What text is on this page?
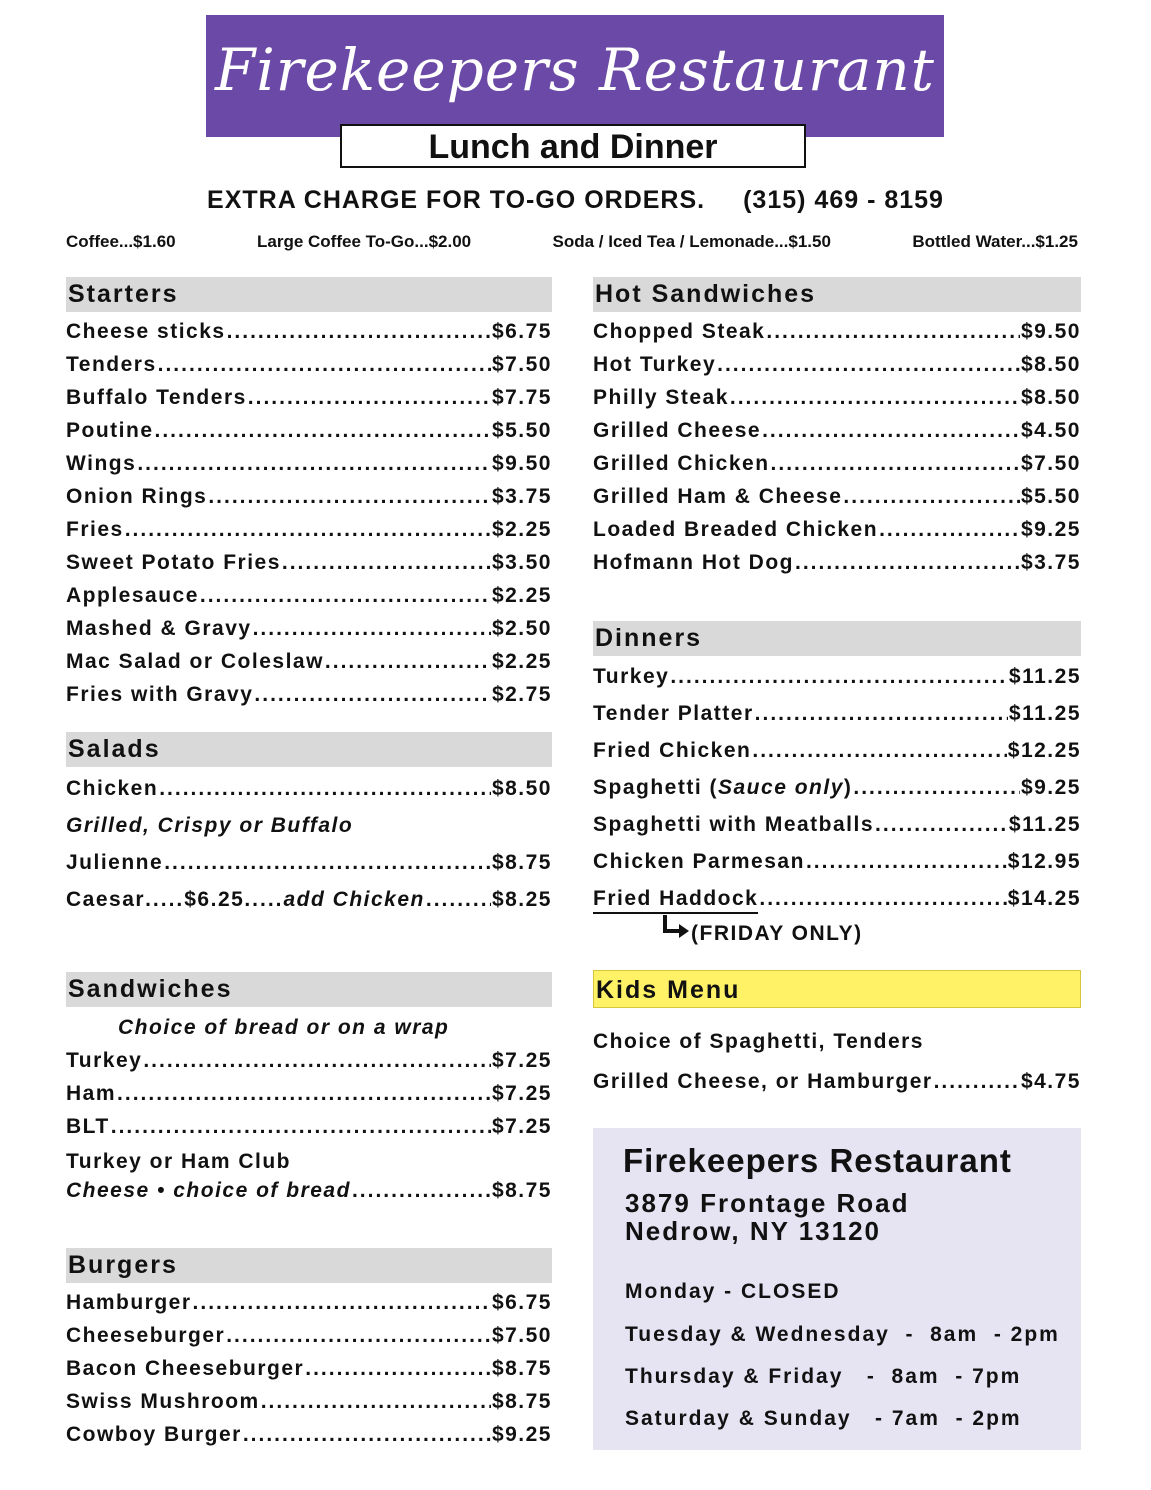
Firekeepers Restaurant
Lunch and Dinner
EXTRA CHARGE FOR TO-GO ORDERS. (315) 469 - 8159
Coffee...$1.60	Large Coffee To-Go...$2.00	Soda / Iced Tea / Lemonade...$1.50	Bottled Water...$1.25
Starters
Cheese sticks .....	$6.75
Tenders .....	$7.50
Buffalo Tenders .....	$7.75
Poutine .....	$5.50
Wings .....	$9.50
Onion Rings .....	$3.75
Fries .....	$2.25
Sweet Potato Fries .....	$3.50
Applesauce .....	$2.25
Mashed & Gravy .....	$2.50
Mac Salad or Coleslaw .....	$2.25
Fries with Gravy .....	$2.75
Salads
Chicken .....	$8.50
Grilled, Crispy or Buffalo
Julienne .....	$8.75
Caesar ..... $6.25 ..... add Chicken .....	$8.25
Sandwiches
Choice of bread or on a wrap
Turkey .....	$7.25
Ham .....	$7.25
BLT .....	$7.25
Turkey or Ham Club
Cheese • choice of bread .....	$8.75
Burgers
Hamburger .....	$6.75
Cheeseburger .....	$7.50
Bacon Cheeseburger .....	$8.75
Swiss Mushroom .....	$8.75
Cowboy Burger .....	$9.25
Hot Sandwiches
Chopped Steak .....	$9.50
Hot Turkey .....	$8.50
Philly Steak .....	$8.50
Grilled Cheese .....	$4.50
Grilled Chicken .....	$7.50
Grilled Ham & Cheese .....	$5.50
Loaded Breaded Chicken .....	$9.25
Hofmann Hot Dog .....	$3.75
Dinners
Turkey .....	$11.25
Tender Platter .....	$11.25
Fried Chicken .....	$12.25
Spaghetti ( Sauce only ) .....	$9.25
Spaghetti with Meatballs .....	$11.25
Chicken Parmesan .....	$12.95
Fried Haddock .....	$14.25
(FRIDAY ONLY)
Kids Menu
Choice of Spaghetti, Tenders
Grilled Cheese, or Hamburger .....	$4.75
Firekeepers Restaurant
3879 Frontage Road
Nedrow, NY 13120
Monday - CLOSED
Tuesday & Wednesday  -  8am  - 2pm
Thursday & Friday   -  8am  - 7pm
Saturday & Sunday   - 7am  - 2pm
